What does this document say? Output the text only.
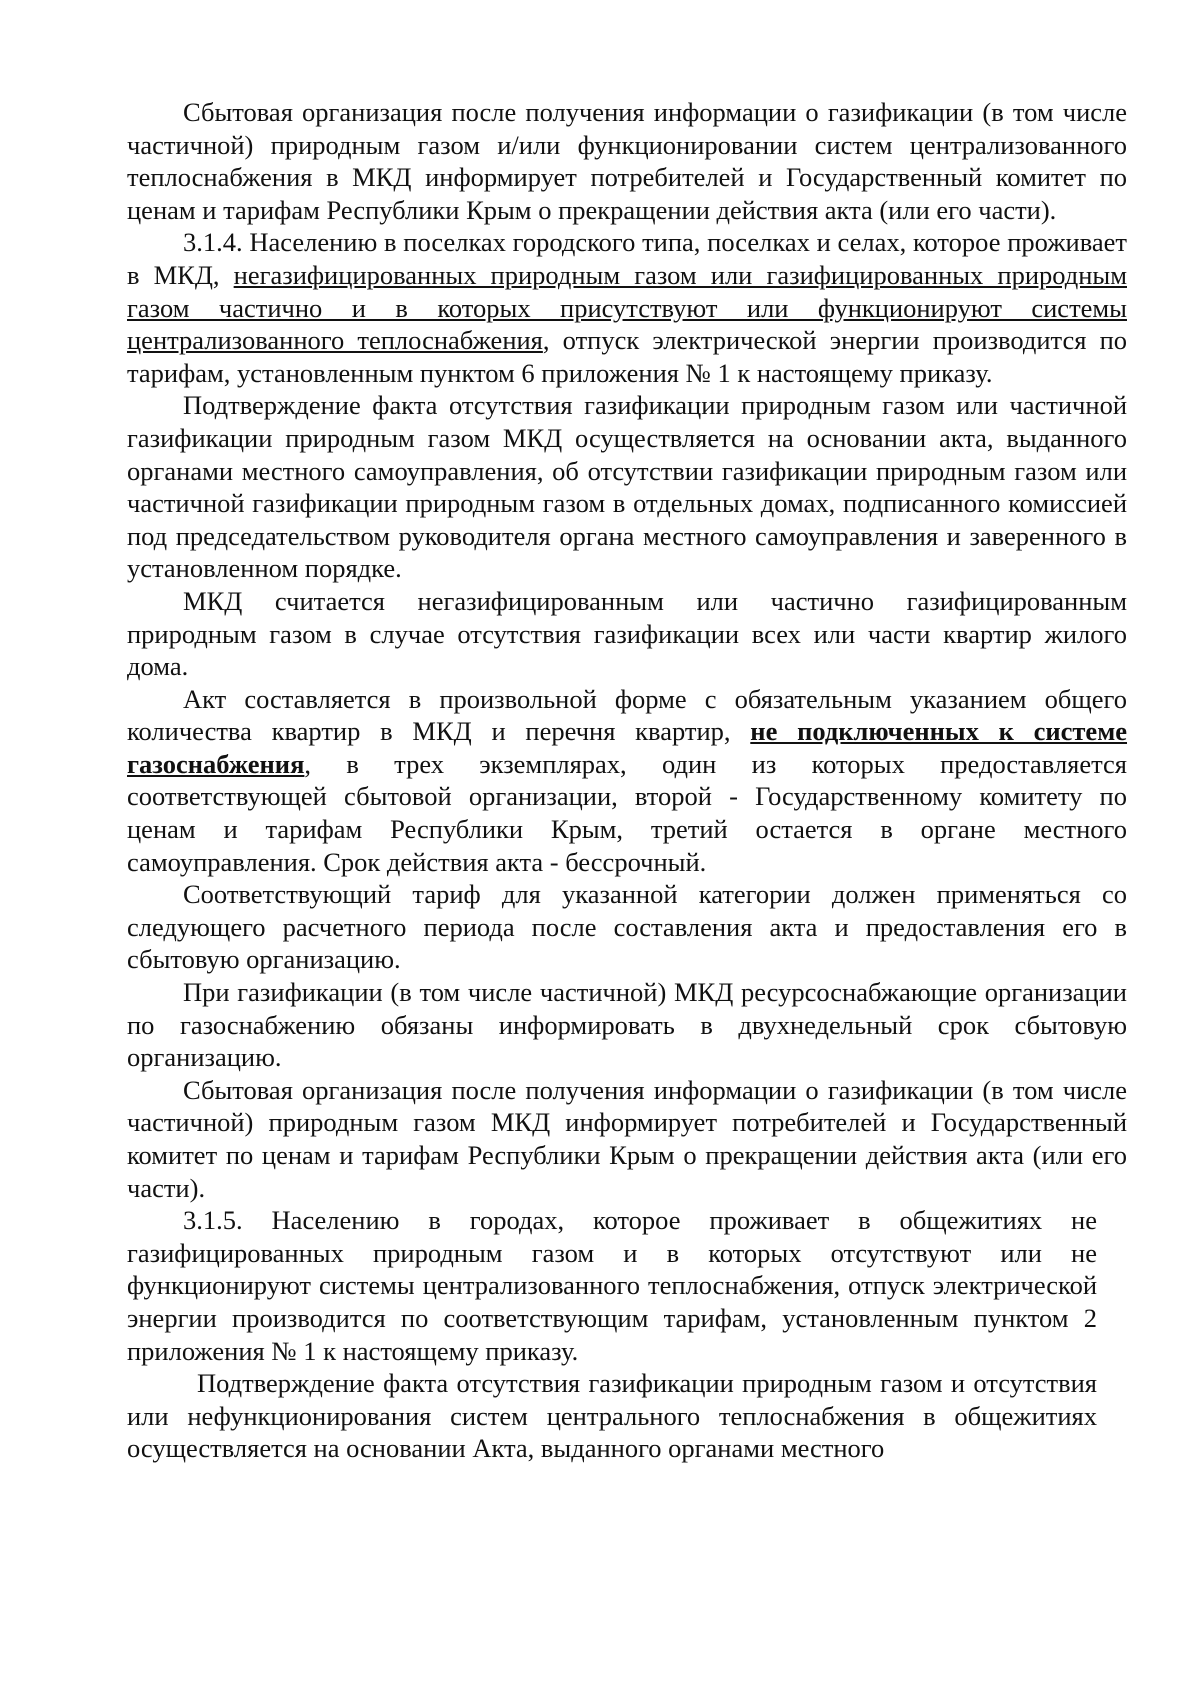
Сбытовая организация после получения информации о газификации (в том числе частичной) природным газом и/или функционировании систем централизованного теплоснабжения в МКД информирует потребителей и Государственный комитет по ценам и тарифам Республики Крым о прекращении действия акта (или его части).

3.1.4. Населению в поселках городского типа, поселках и селах, которое проживает в МКД, негазифицированных природным газом или газифицированных природным газом частично и в которых присутствуют или функционируют системы централизованного теплоснабжения, отпуск электрической энергии производится по тарифам, установленным пунктом 6 приложения № 1 к настоящему приказу.

Подтверждение факта отсутствия газификации природным газом или частичной газификации природным газом МКД осуществляется на основании акта, выданного органами местного самоуправления, об отсутствии газификации природным газом или частичной газификации природным газом в отдельных домах, подписанного комиссией под председательством руководителя органа местного самоуправления и заверенного в установленном порядке.

МКД считается негазифицированным или частично газифицированным природным газом в случае отсутствия газификации всех или части квартир жилого дома.

Акт составляется в произвольной форме с обязательным указанием общего количества квартир в МКД и перечня квартир, не подключенных к системе газоснабжения, в трех экземплярах, один из которых предоставляется соответствующей сбытовой организации, второй - Государственному комитету по ценам и тарифам Республики Крым, третий остается в органе местного самоуправления. Срок действия акта - бессрочный.

Соответствующий тариф для указанной категории должен применяться со следующего расчетного периода после составления акта и предоставления его в сбытовую организацию.

При газификации (в том числе частичной) МКД ресурсоснабжающие организации по газоснабжению обязаны информировать в двухнедельный срок сбытовую организацию.

Сбытовая организация после получения информации о газификации (в том числе частичной) природным газом МКД информирует потребителей и Государственный комитет по ценам и тарифам Республики Крым о прекращении действия акта (или его части).

3.1.5. Населению в городах, которое проживает в общежитиях не газифицированных природным газом и в которых отсутствуют или не функционируют системы централизованного теплоснабжения, отпуск электрической энергии производится по соответствующим тарифам, установленным пунктом 2 приложения № 1 к настоящему приказу.

Подтверждение факта отсутствия газификации природным газом и отсутствия или нефункционирования систем центрального теплоснабжения в общежитиях осуществляется на основании Акта, выданного органами местного
